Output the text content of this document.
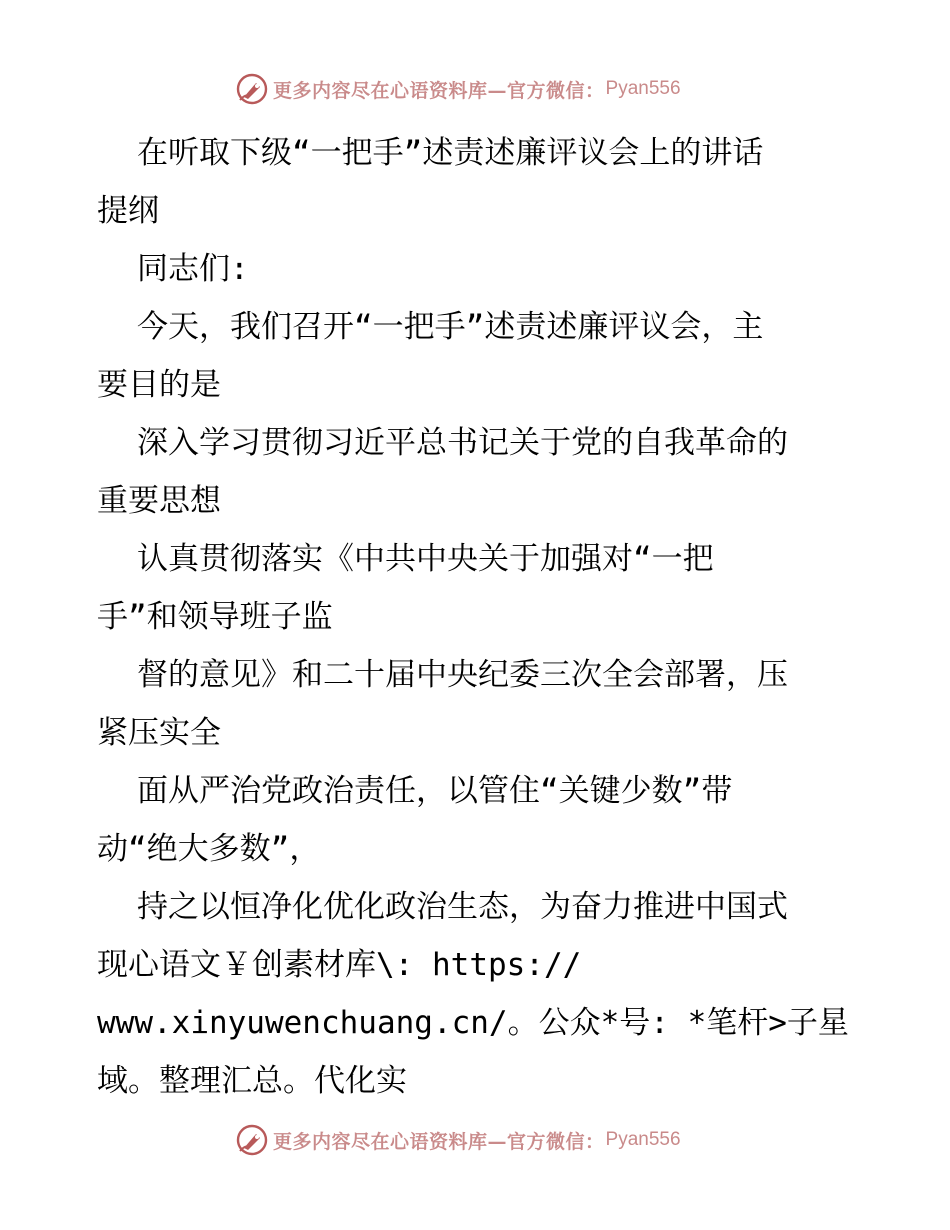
更多内容尽在心语资料库—官方微信： Pyan556
在听取下级“一把手”述责述廉评议会上的讲话
提纲
同志们:
今天，我们召开“一把手”述责述廉评议会，主
要目的是
深入学习贯彻习近平总书记关于党的自我革命的
重要思想
认真贯彻落实《中共中央关于加强对“一把
手”和领导班子监
督的意见》和二十届中央纪委三次全会部署，压
紧压实全
面从严治党政治责任，以管住“关键少数”带
动“绝大多数”，
持之以恒净化优化政治生态，为奋力推进中国式
现心语文￥创素材库\: https://
www.xinyuwenchuang.cn/。公众*号: *笔杆>子星
域。整理汇总。代化实
更多内容尽在心语资料库—官方微信： Pyan556
